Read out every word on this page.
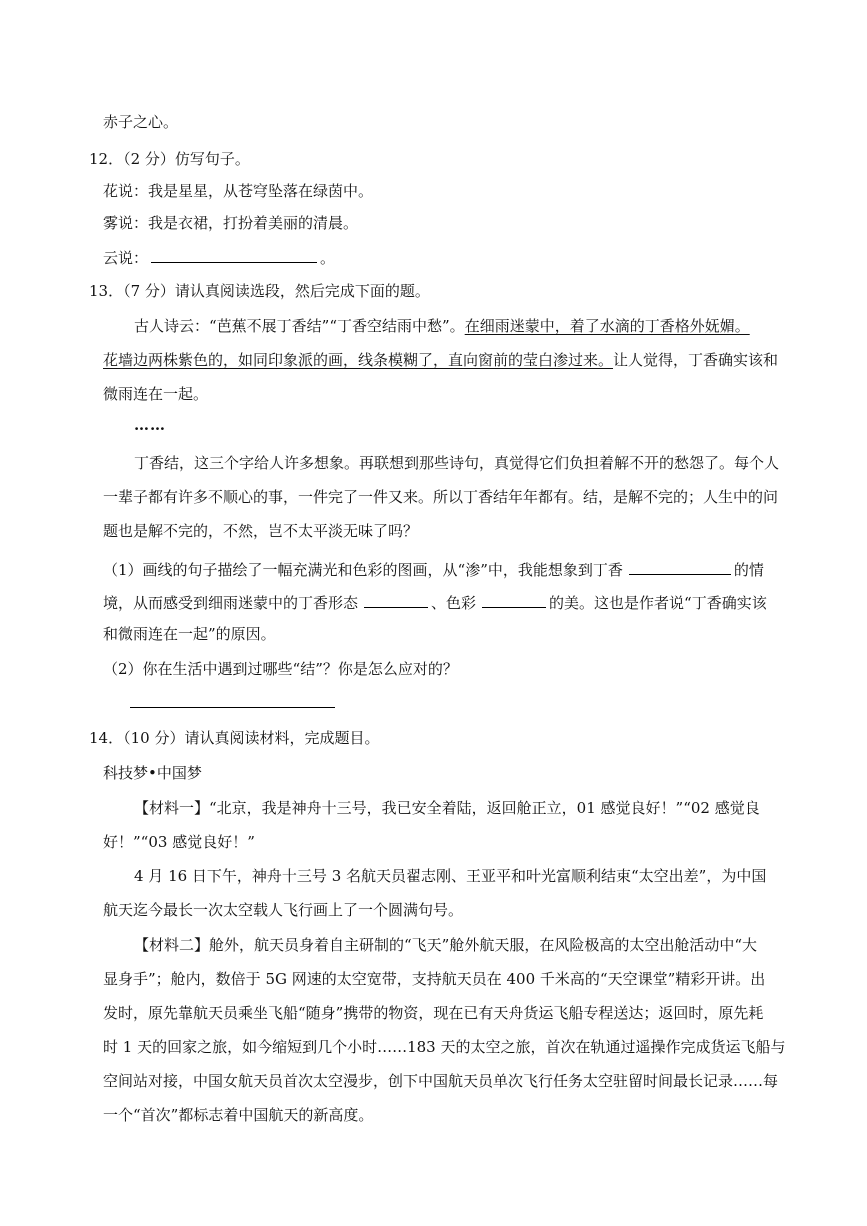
赤子之心。
12．（2 分）仿写句子。
花说：我是星星，从苍穹坠落在绿茵中。
雾说：我是衣裙，打扮着美丽的清晨。
云说：	。
13．（7 分）请认真阅读选段，然后完成下面的题。
古人诗云：“芭蕉不展丁香结”“丁香空结雨中愁”。在细雨迷蒙中，着了水滴的丁香格外妩媚。
花墙边两株紫色的，如同印象派的画，线条模糊了，直向窗前的莹白渗过来。让人觉得，丁香确实该和
微雨连在一起。
……
丁香结，这三个字给人许多想象。再联想到那些诗句，真觉得它们负担着解不开的愁怨了。每个人
一辈子都有许多不顺心的事，一件完了一件又来。所以丁香结年年都有。结，是解不完的；人生中的问
题也是解不完的，不然，岂不太平淡无味了吗？
（1）画线的句子描绘了一幅充满光和色彩的图画，从“渗”中，我能想象到丁香	的情
境，从而感受到细雨迷蒙中的丁香形态	、色彩	的美。这也是作者说“丁香确实该
和微雨连在一起”的原因。
（2）你在生活中遇到过哪些“结”？你是怎么应对的？
14．（10 分）请认真阅读材料，完成题目。
科技梦•中国梦
【材料一】“北京，我是神舟十三号，我已安全着陆，返回舱正立，01 感觉良好！”“02 感觉良
好！”“03 感觉良好！”
4 月 16 日下午，神舟十三号 3 名航天员翟志刚、王亚平和叶光富顺利结束“太空出差”，为中国
航天迄今最长一次太空载人飞行画上了一个圆满句号。
【材料二】舱外，航天员身着自主研制的“飞天”舱外航天服，在风险极高的太空出舱活动中“大
显身手”；舱内，数倍于 5G 网速的太空宽带，支持航天员在 400 千米高的“天空课堂”精彩开讲。出
发时，原先靠航天员乘坐飞船“随身”携带的物资，现在已有天舟货运飞船专程送达；返回时，原先耗
时 1 天的回家之旅，如今缩短到几个小时……183 天的太空之旅，首次在轨通过遥操作完成货运飞船与
空间站对接，中国女航天员首次太空漫步，创下中国航天员单次飞行任务太空驻留时间最长记录……每
一个“首次”都标志着中国航天的新高度。
